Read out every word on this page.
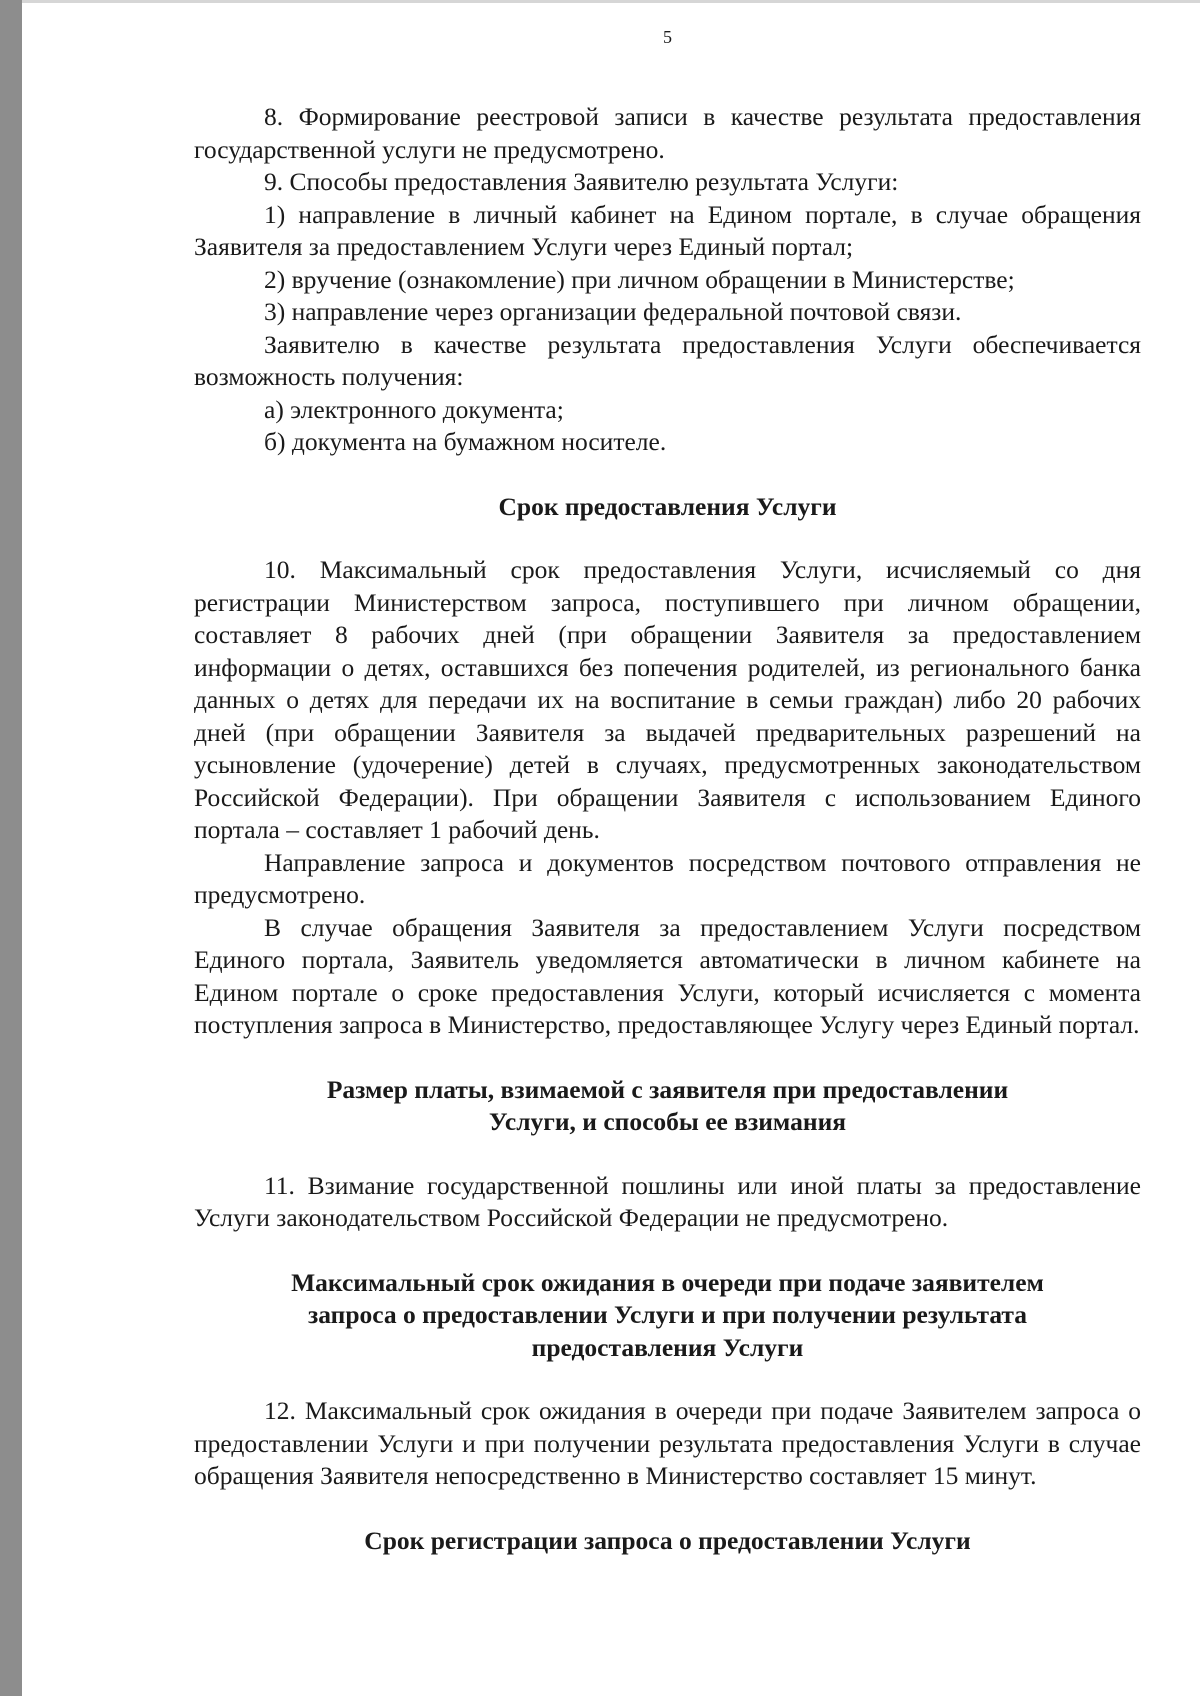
5

8. Формирование реестровой записи в качестве результата предоставления государственной услуги не предусмотрено.

9. Способы предоставления Заявителю результата Услуги:

1) направление в личный кабинет на Едином портале, в случае обращения Заявителя за предоставлением Услуги через Единый портал;

2) вручение (ознакомление) при личном обращении в Министерстве;

3) направление через организации федеральной почтовой связи.

Заявителю в качестве результата предоставления Услуги обеспечивается возможность получения:

а) электронного документа;

б) документа на бумажном носителе.

Срок предоставления Услуги

10. Максимальный срок предоставления Услуги, исчисляемый со дня регистрации Министерством запроса, поступившего при личном обращении, составляет 8 рабочих дней (при обращении Заявителя за предоставлением информации о детях, оставшихся без попечения родителей, из регионального банка данных о детях для передачи их на воспитание в семьи граждан) либо 20 рабочих дней (при обращении Заявителя за выдачей предварительных разрешений на усыновление (удочерение) детей в случаях, предусмотренных законодательством Российской Федерации). При обращении Заявителя с использованием Единого портала – составляет 1 рабочий день.

Направление запроса и документов посредством почтового отправления не предусмотрено.

В случае обращения Заявителя за предоставлением Услуги посредством Единого портала, Заявитель уведомляется автоматически в личном кабинете на Едином портале о сроке предоставления Услуги, который исчисляется с момента поступления запроса в Министерство, предоставляющее Услугу через Единый портал.

Размер платы, взимаемой с заявителя при предоставлении
Услуги, и способы ее взимания

11. Взимание государственной пошлины или иной платы за предоставление Услуги законодательством Российской Федерации не предусмотрено.

Максимальный срок ожидания в очереди при подаче заявителем
запроса о предоставлении Услуги и при получении результата
предоставления Услуги

12. Максимальный срок ожидания в очереди при подаче Заявителем запроса о предоставлении Услуги и при получении результата предоставления Услуги в случае обращения Заявителя непосредственно в Министерство составляет 15 минут.

Срок регистрации запроса о предоставлении Услуги
